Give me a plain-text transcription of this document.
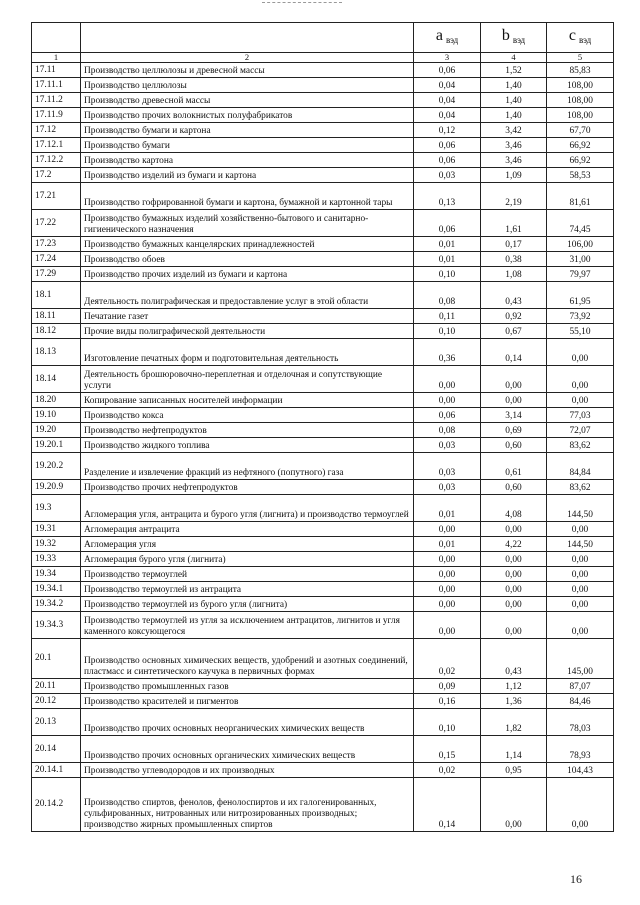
		a $_{вэд}$	b $_{вэд}$	c $_{вэд}$
1	2	3	4	5
17.11	Производство целлюлозы и древесной массы	0,06	1,52	85,83
17.11.1	Производство целлюлозы	0,04	1,40	108,00
17.11.2	Производство древесной массы	0,04	1,40	108,00
17.11.9	Производство прочих волокнистых полуфабрикатов	0,04	1,40	108,00
17.12	Производство бумаги и картона	0,12	3,42	67,70
17.12.1	Производство бумаги	0,06	3,46	66,92
17.12.2	Производство картона	0,06	3,46	66,92
17.2	Производство изделий из бумаги и картона	0,03	1,09	58,53
17.21	Производство гофрированной бумаги и картона, бумажной и картонной тары	0,13	2,19	81,61
17.22	Производство бумажных изделий хозяйственно-бытового и санитарно-гигиенического назначения	0,06	1,61	74,45
17.23	Производство бумажных канцелярских принадлежностей	0,01	0,17	106,00
17.24	Производство обоев	0,01	0,38	31,00
17.29	Производство прочих изделий из бумаги и картона	0,10	1,08	79,97
18.1	Деятельность полиграфическая и предоставление услуг в этой области	0,08	0,43	61,95
18.11	Печатание газет	0,11	0,92	73,92
18.12	Прочие виды полиграфической деятельности	0,10	0,67	55,10
18.13	Изготовление печатных форм и подготовительная деятельность	0,36	0,14	0,00
18.14	Деятельность брошюровочно-переплетная и отделочная и сопутствующие услуги	0,00	0,00	0,00
18.20	Копирование записанных носителей информации	0,00	0,00	0,00
19.10	Производство кокса	0,06	3,14	77,03
19.20	Производство нефтепродуктов	0,08	0,69	72,07
19.20.1	Производство жидкого топлива	0,03	0,60	83,62
19.20.2	Разделение и извлечение фракций из нефтяного (попутного) газа	0,03	0,61	84,84
19.20.9	Производство прочих нефтепродуктов	0,03	0,60	83,62
19.3	Агломерация угля, антрацита и бурого угля (лигнита) и производство термоуглей	0,01	4,08	144,50
19.31	Агломерация антрацита	0,00	0,00	0,00
19.32	Агломерация угля	0,01	4,22	144,50
19.33	Агломерация бурого угля (лигнита)	0,00	0,00	0,00
19.34	Производство термоуглей	0,00	0,00	0,00
19.34.1	Производство термоуглей из антрацита	0,00	0,00	0,00
19.34.2	Производство термоуглей из бурого угля (лигнита)	0,00	0,00	0,00
19.34.3	Производство термоуглей из угля за исключением антрацитов, лигнитов и угля каменного коксующегося	0,00	0,00	0,00
20.1	Производство основных химических веществ, удобрений и азотных соединений, пластмасс и синтетического каучука в первичных формах	0,02	0,43	145,00
20.11	Производство промышленных газов	0,09	1,12	87,07
20.12	Производство красителей и пигментов	0,16	1,36	84,46
20.13	Производство прочих основных неорганических химических веществ	0,10	1,82	78,03
20.14	Производство прочих основных органических химических веществ	0,15	1,14	78,93
20.14.1	Производство углеводородов и их производных	0,02	0,95	104,43
20.14.2	Производство спиртов, фенолов, фенолоспиртов и их галогенированных, сульфированных, нитрованных или нитрозированных производных; производство жирных промышленных спиртов	0,14	0,00	0,00
16
